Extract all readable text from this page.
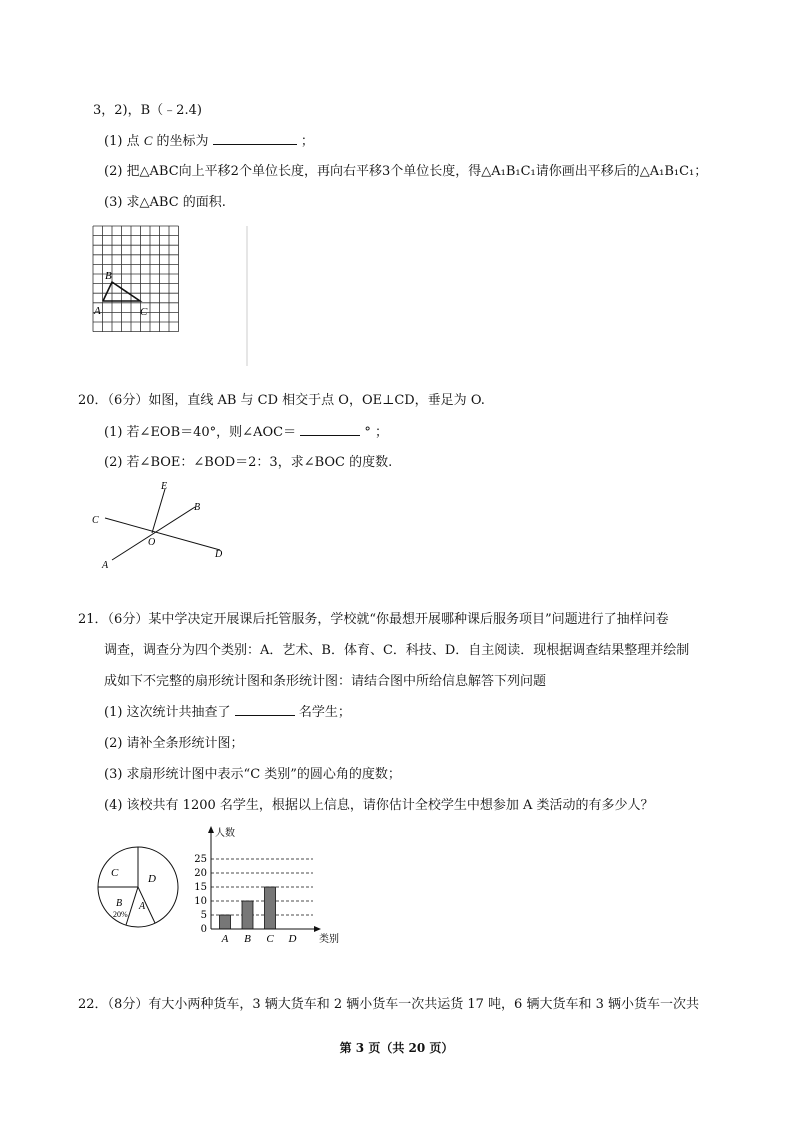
3，2)，B（﹣2.4)
(1) 点 C 的坐标为	；
(2) 把△ABC向上平移2个单位长度，再向右平移3个单位长度，得△A₁B₁C₁请你画出平移后的△A₁B₁C₁；
(3) 求△ABC 的面积.
B
A	C
20．（6分）如图，直线 AB 与 CD 相交于点 O，OE⊥CD，垂足为 O.
(1) 若∠EOB＝40°，则∠AOC＝	° ；
(2) 若∠BOE：∠BOD＝2：3，求∠BOC 的度数.
E
B
C
O
D
A
21．（6分）某中学决定开展课后托管服务，学校就“你最想开展哪种课后服务项目”问题进行了抽样问卷
调查，调查分为四个类别：A．艺术、B．体育、C．科技、D．自主阅读．现根据调查结果整理并绘制
成如下不完整的扇形统计图和条形统计图：请结合图中所给信息解答下列问题
(1) 这次统计共抽查了	名学生；
(2) 请补全条形统计图；
(3) 求扇形统计图中表示“C 类别”的圆心角的度数；
(4) 该校共有 1200 名学生，根据以上信息，请你估计全校学生中想参加 A 类活动的有多少人？
C	D
B
20%
A
0
5
10
15
20
25
A B C D
人数
类别
22．（8分）有大小两种货车，3 辆大货车和 2 辆小货车一次共运货 17 吨，6 辆大货车和 3 辆小货车一次共
第 3 页（共 20 页）
